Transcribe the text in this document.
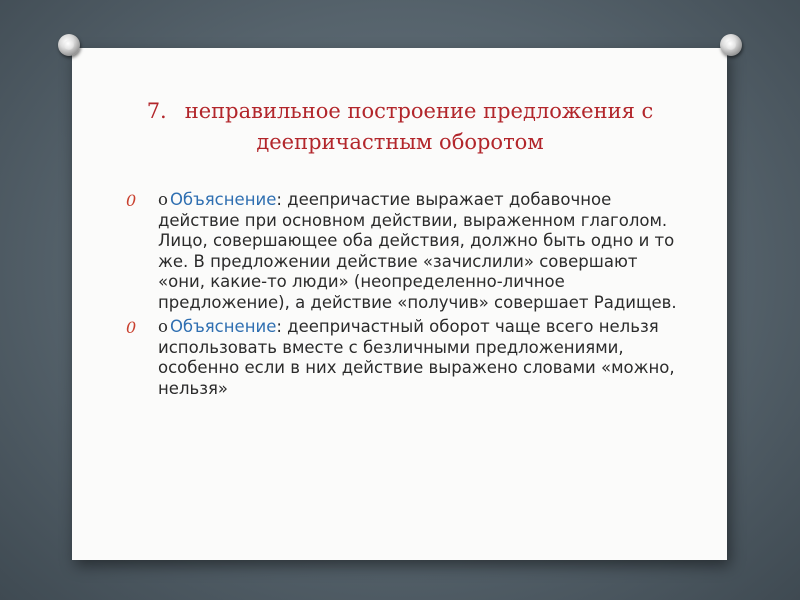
7. неправильное построение предложения с деепричастным оборотом
0 o Объяснение: деепричастие выражает добавочное действие при основном действии, выраженном глаголом. Лицо, совершающее оба действия, должно быть одно и то же. В предложении действие «зачислили» совершают «они, какие-то люди» (неопределенно-личное предложение), а действие «получив» совершает Радищев.
0 o Объяснение: деепричастный оборот чаще всего нельзя использовать вместе с безличными предложениями, особенно если в них действие выражено словами «можно, нельзя»
